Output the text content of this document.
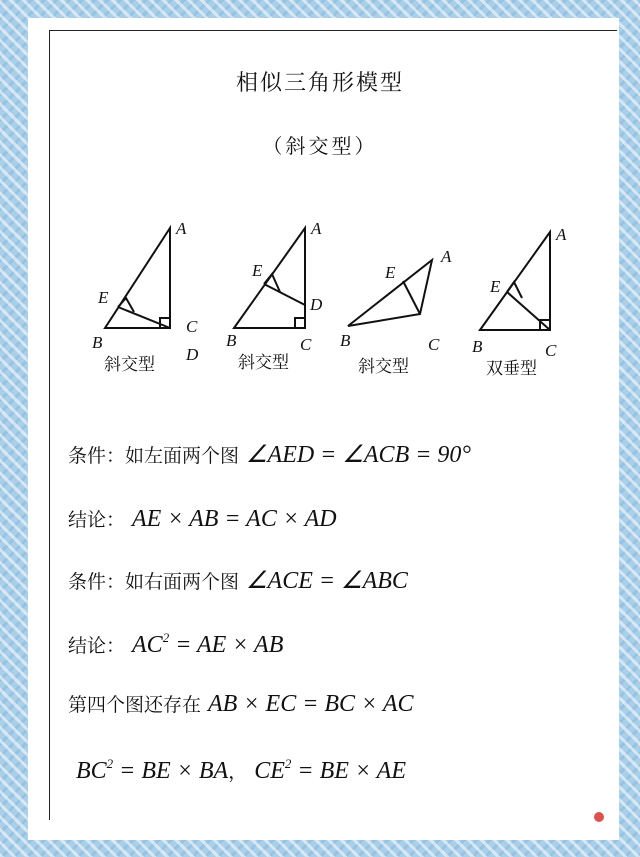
相似三角形模型
（斜交型）
A
E
B
C
D
斜交型
A
E
D
B	C
斜交型
A
E
B	C
斜交型
A
E
B	C
双垂型
条件：如左面两个图 ∠AED = ∠ACB = 90°
结论： AE × AB = AC × AD
条件：如右面两个图 ∠ACE = ∠ABC
结论： $AC^2$ = AE × AB
第四个图还存在 AB × EC = BC × AC
$BC^2$ = BE × BA， $CE^2$ = BE × AE
